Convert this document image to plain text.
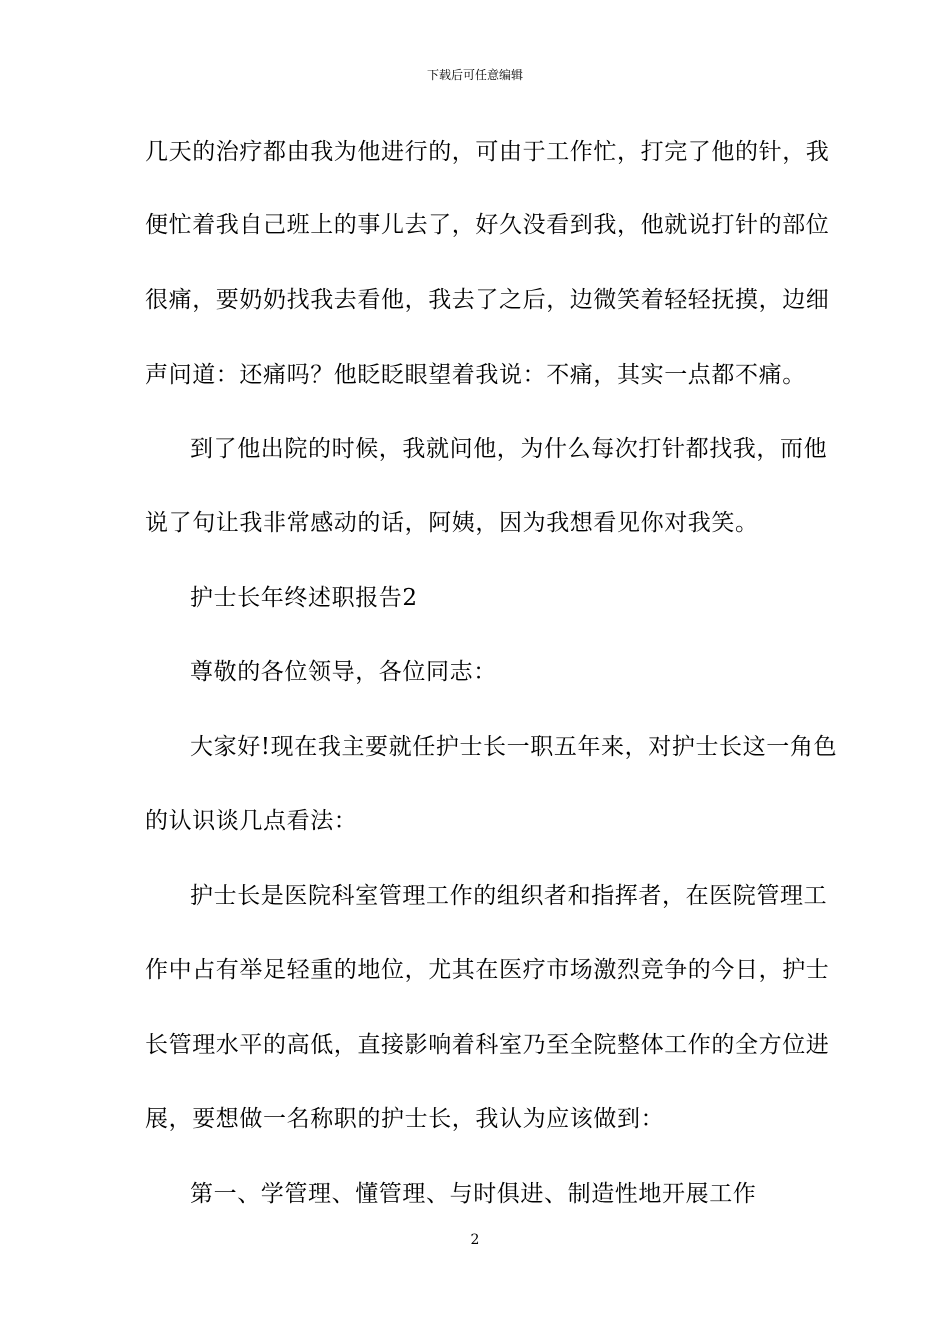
下载后可任意编辑
几天的治疗都由我为他进行的，可由于工作忙，打完了他的针，我
便忙着我自己班上的事儿去了，好久没看到我，他就说打针的部位
很痛，要奶奶找我去看他，我去了之后，边微笑着轻轻抚摸，边细
声问道：还痛吗？他眨眨眼望着我说：不痛，其实一点都不痛。
到了他出院的时候，我就问他，为什么每次打针都找我，而他
说了句让我非常感动的话，阿姨，因为我想看见你对我笑。
护士长年终述职报告2
尊敬的各位领导，各位同志：
大家好!现在我主要就任护士长一职五年来，对护士长这一角色
的认识谈几点看法：
护士长是医院科室管理工作的组织者和指挥者，在医院管理工
作中占有举足轻重的地位，尤其在医疗市场激烈竞争的今日，护士
长管理水平的高低，直接影响着科室乃至全院整体工作的全方位进
展，要想做一名称职的护士长，我认为应该做到：
第一、学管理、懂管理、与时俱进、制造性地开展工作
2
